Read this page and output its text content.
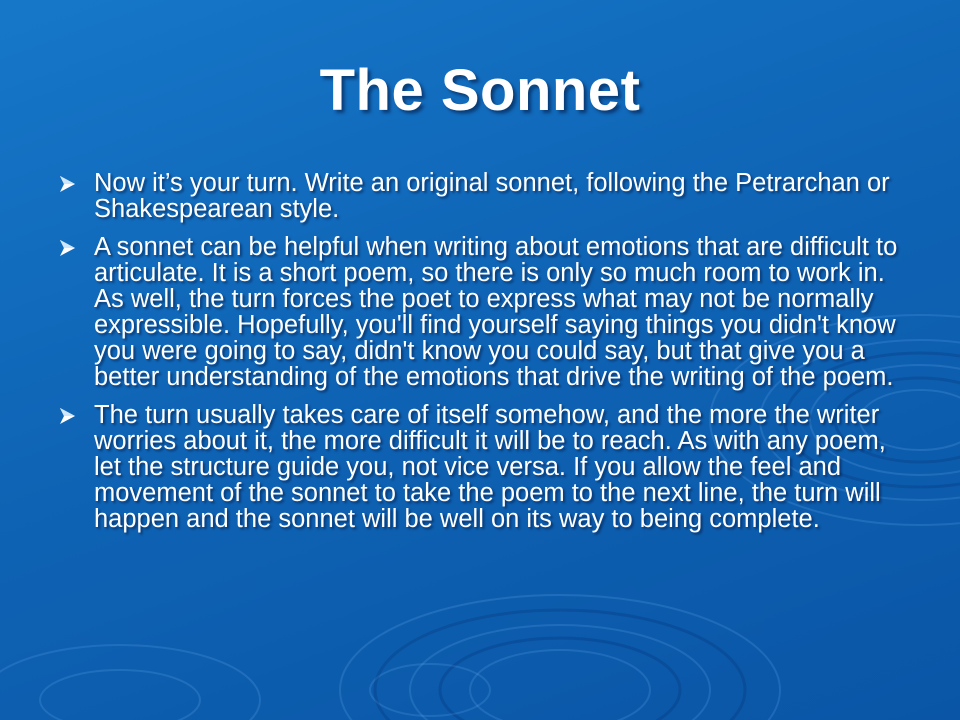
The Sonnet
Now it’s your turn. Write an original sonnet, following the Petrarchan or Shakespearean style.
A sonnet can be helpful when writing about emotions that are difficult to articulate. It is a short poem, so there is only so much room to work in. As well, the turn forces the poet to express what may not be normally expressible. Hopefully, you'll find yourself saying things you didn't know you were going to say, didn't know you could say, but that give you a better understanding of the emotions that drive the writing of the poem.
The turn usually takes care of itself somehow, and the more the writer worries about it, the more difficult it will be to reach. As with any poem, let the structure guide you, not vice versa. If you allow the feel and movement of the sonnet to take the poem to the next line, the turn will happen and the sonnet will be well on its way to being complete.
